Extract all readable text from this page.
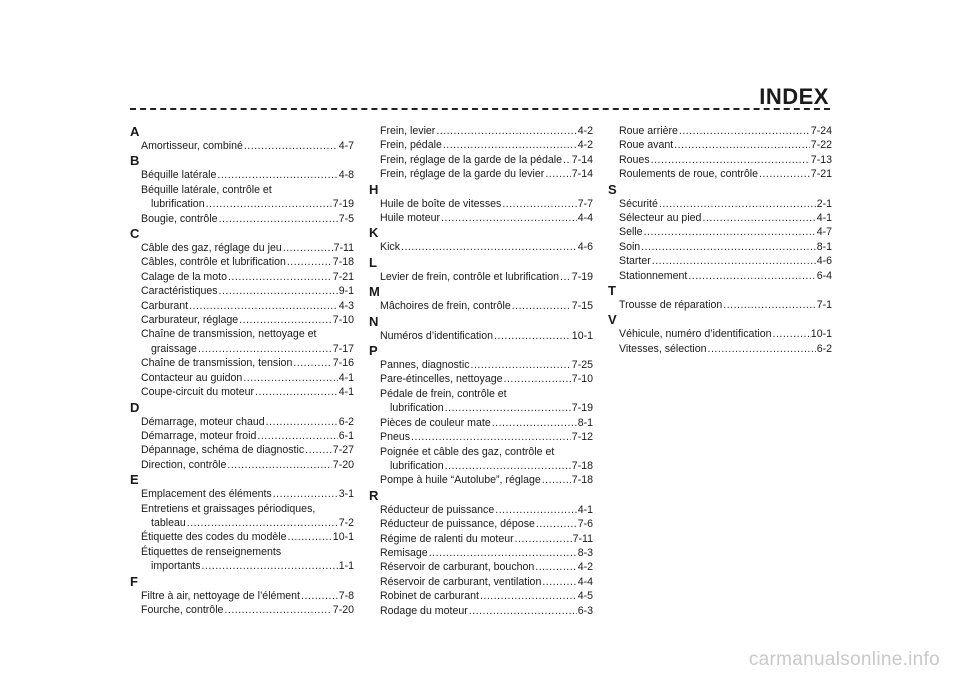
INDEX
A
Amortisseur, combiné .....	4-7
B
Béquille latérale .....	4-8
Béquille latérale, contrôle et
lubrification .....	7-19
Bougie, contrôle .....	7-5
C
Câble des gaz, réglage du jeu .....	7-11
Câbles, contrôle et lubrification .....	7-18
Calage de la moto .....	7-21
Caractéristiques .....	9-1
Carburant .....	4-3
Carburateur, réglage .....	7-10
Chaîne de transmission, nettoyage et
graissage .....	7-17
Chaîne de transmission, tension .....	7-16
Contacteur au guidon .....	4-1
Coupe-circuit du moteur .....	4-1
D
Démarrage, moteur chaud .....	6-2
Démarrage, moteur froid .....	6-1
Dépannage, schéma de diagnostic .....	7-27
Direction, contrôle .....	7-20
E
Emplacement des éléments .....	3-1
Entretiens et graissages périodiques,
tableau .....	7-2
Étiquette des codes du modèle .....	10-1
Étiquettes de renseignements
importants .....	1-1
F
Filtre à air, nettoyage de l’élément .....	7-8
Fourche, contrôle .....	7-20
Frein, levier .....	4-2
Frein, pédale .....	4-2
Frein, réglage de la garde de la pédale ..... 7-14
Frein, réglage de la garde du levier .....	7-14
H
Huile de boîte de vitesses .....	7-7
Huile moteur .....	4-4
K
Kick .....	4-6
L
Levier de frein, contrôle et lubrification ..... 7-19
M
Mâchoires de frein, contrôle .....	7-15
N
Numéros d’identification .....	10-1
P
Pannes, diagnostic .....	7-25
Pare-étincelles, nettoyage .....	7-10
Pédale de frein, contrôle et
lubrification .....	7-19
Pièces de couleur mate .....	8-1
Pneus .....	7-12
Poignée et câble des gaz, contrôle et
lubrification .....	7-18
Pompe à huile “Autolube”, réglage .....	7-18
R
Réducteur de puissance .....	4-1
Réducteur de puissance, dépose .....	7-6
Régime de ralenti du moteur .....	7-11
Remisage .....	8-3
Réservoir de carburant, bouchon .....	4-2
Réservoir de carburant, ventilation .....	4-4
Robinet de carburant .....	4-5
Rodage du moteur .....	6-3
Roue arrière .....	7-24
Roue avant .....	7-22
Roues .....	7-13
Roulements de roue, contrôle .....	7-21
S
Sécurité .....	2-1
Sélecteur au pied .....	4-1
Selle .....	4-7
Soin .....	8-1
Starter .....	4-6
Stationnement .....	6-4
T
Trousse de réparation .....	7-1
V
Véhicule, numéro d’identification .....	10-1
Vitesses, sélection .....	6-2
carmanualsonline.info
